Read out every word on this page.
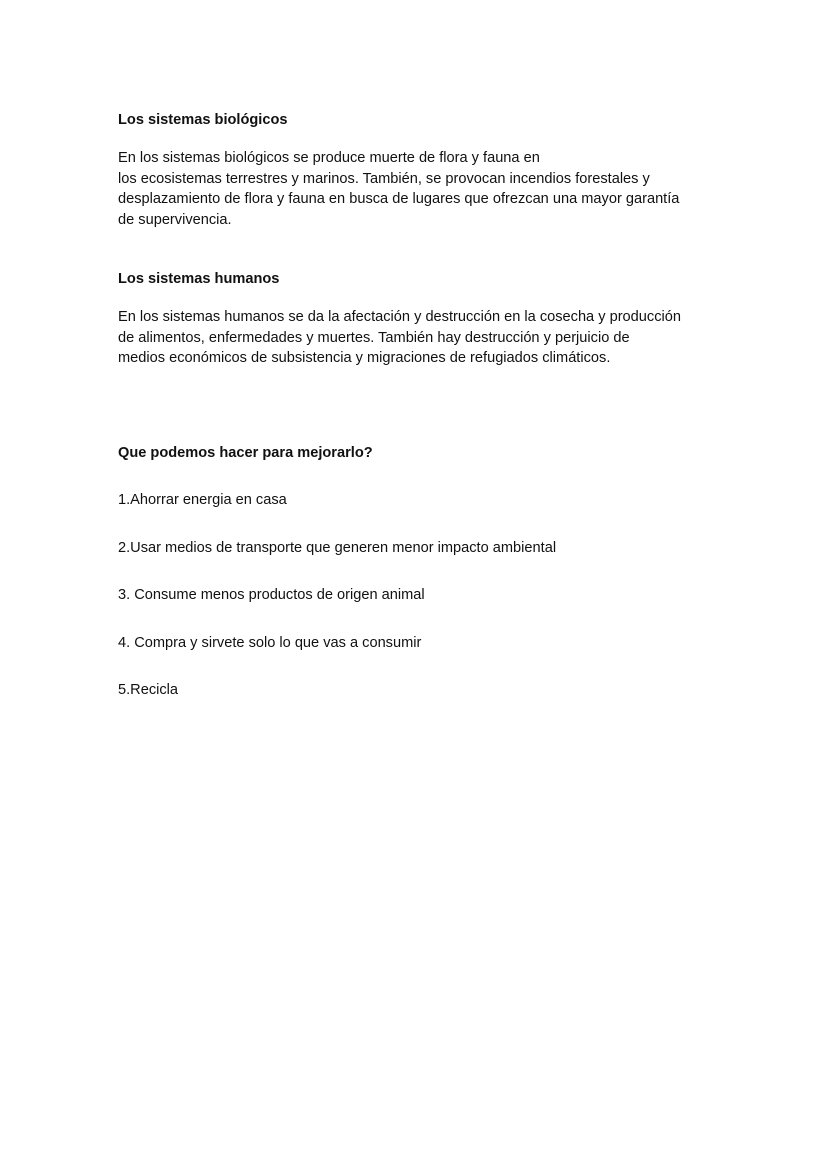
Los sistemas biológicos
En los sistemas biológicos se produce muerte de flora y fauna en
los ecosistemas terrestres y marinos. También, se provocan incendios forestales y
desplazamiento de flora y fauna en busca de lugares que ofrezcan una mayor garantía
de supervivencia.
Los sistemas humanos
En los sistemas humanos se da la afectación y destrucción en la cosecha y producción
de alimentos, enfermedades y muertes. También hay destrucción y perjuicio de
medios económicos de subsistencia y migraciones de refugiados climáticos.
Que podemos hacer para mejorarlo?
1.Ahorrar energia en casa
2.Usar medios de transporte que generen menor impacto ambiental
3. Consume menos productos de origen animal
4. Compra y sirvete solo lo que vas a consumir
5.Recicla
